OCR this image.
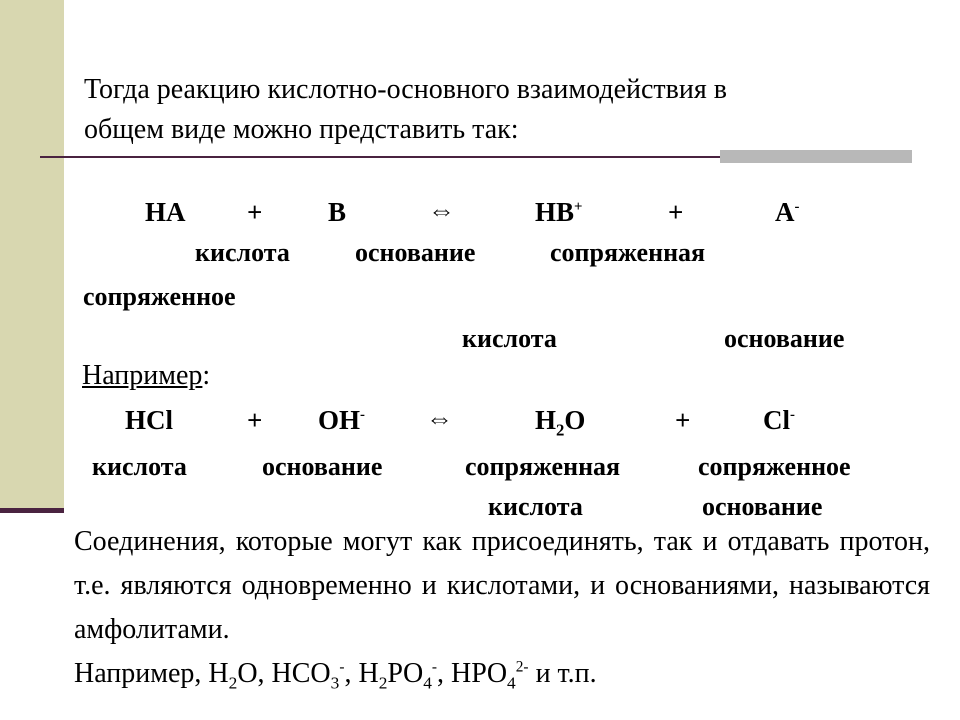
Тогда реакцию кислотно-основного взаимодействия в
общем виде можно представить так:
HA + B	⇔	HB+	+	A-
кислота	основание	сопряженная
сопряженное
кислота	основание
Например:
HCl	+ OH- ⇔	$H_2O$	+	Cl-
кислота	основание	сопряженная	сопряженное
кислота	основание
Соединения, которые могут как присоединять, так и отдавать протон, т.е. являются одновременно и кислотами, и основаниями, называются амфолитами.
Например, $H_2O$, $HCO_3^-$, $H_2PO_4^-$, $HPO_4^{2-}$ и т.п.
